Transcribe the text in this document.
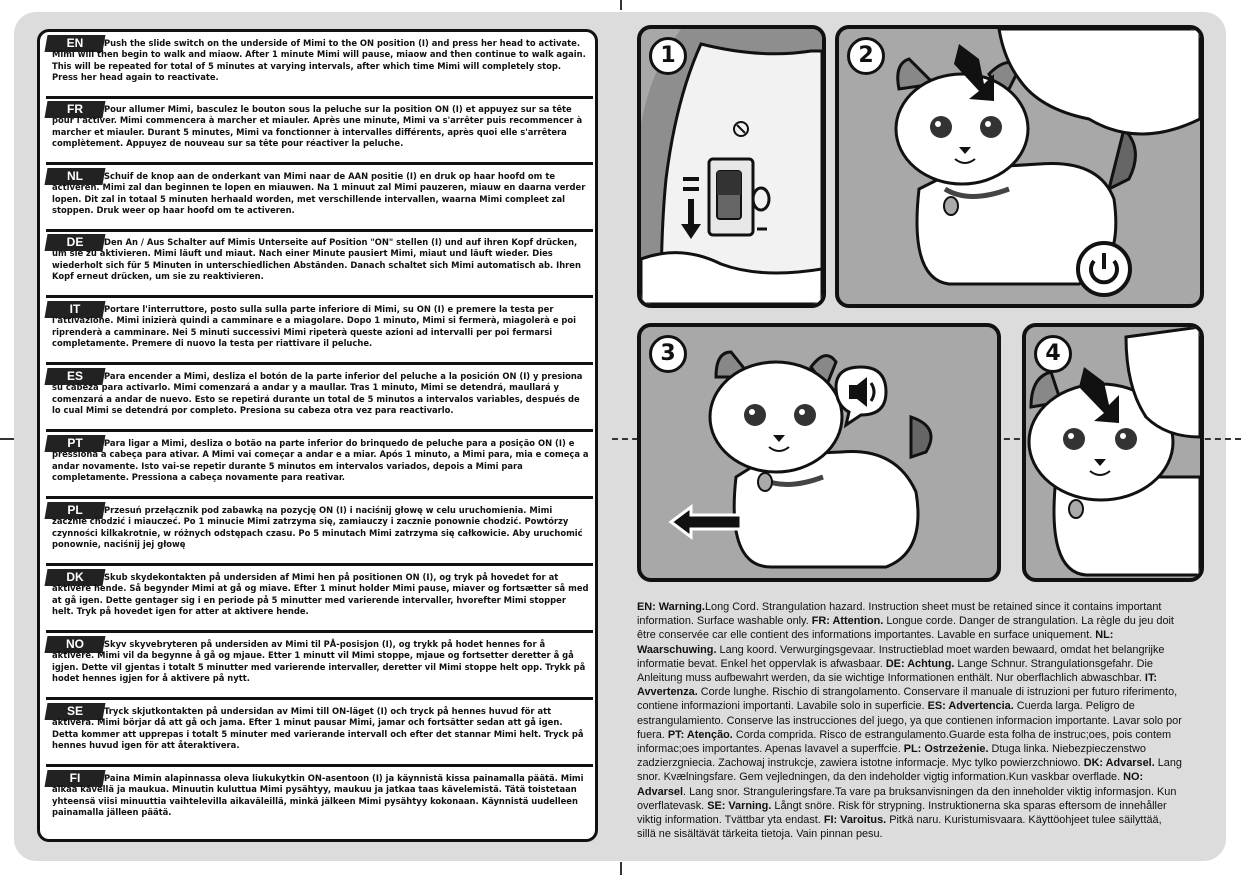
EN	Push the slide switch on the underside of Mimi to the ON position (I) and press her head to activate. Mimi will then begin to walk and miaow. After 1 minute Mimi will pause, miaow and then continue to walk again. This will be repeated for total of 5 minutes at varying intervals, after which time Mimi will completely stop. Press her head again to reactivate.

FR	Pour allumer Mimi, basculez le bouton sous la peluche sur la position ON (I) et appuyez sur sa tête pour l'activer. Mimi commencera à marcher et miauler. Après une minute, Mimi va s'arrêter puis recommencer à marcher et miauler. Durant 5 minutes, Mimi va fonctionner à intervalles différents, après quoi elle s'arrêtera complètement. Appuyez de nouveau sur sa tête pour réactiver la peluche.

NL	Schuif de knop aan de onderkant van Mimi naar de AAN positie (I) en druk op haar hoofd om te activeren. Mimi zal dan beginnen te lopen en miauwen. Na 1 minuut zal Mimi pauzeren, miauw en daarna verder lopen. Dit zal in totaal 5 minuten herhaald worden, met verschillende intervallen, waarna Mimi compleet zal stoppen. Druk weer op haar hoofd om te activeren.

DE	Den An / Aus Schalter auf Mimis Unterseite auf Position "ON" stellen (I) und auf ihren Kopf drücken, um sie zu aktivieren. Mimi läuft und miaut. Nach einer Minute pausiert Mimi, miaut und läuft wieder. Dies wiederholt sich für 5 Minuten in unterschiedlichen Abständen. Danach schaltet sich Mimi automatisch ab. Ihren Kopf erneut drücken, um sie zu reaktivieren.

IT	Portare l'interruttore, posto sulla sulla parte inferiore di Mimi, su ON (I) e premere la testa per l'attivazione. Mimi inizierà quindi a camminare e a miagolare. Dopo 1 minuto, Mimi si fermerà, miagolerà e poi riprenderà a camminare. Nei 5 minuti successivi Mimi ripeterà queste azioni ad intervalli per poi fermarsi completamente. Premere di nuovo la testa per riattivare il peluche.

ES	Para encender a Mimi, desliza el botón de la parte inferior del peluche a la posición ON (I) y presiona su cabeza para activarlo. Mimi comenzará a andar y a maullar. Tras 1 minuto, Mimi se detendrá, maullará y comenzará a andar de nuevo. Esto se repetirá durante un total de 5 minutos a intervalos variables, después de lo cual Mimi se detendrá por completo. Presiona su cabeza otra vez para reactivarlo.

PT	Para ligar a Mimi, desliza o botão na parte inferior do brinquedo de peluche para a posição ON (I) e pressiona a cabeça para ativar. A Mimi vai começar a andar e a miar. Após 1 minuto, a Mimi para, mia e começa a andar novamente. Isto vai-se repetir durante 5 minutos em intervalos variados, depois a Mimi para completamente. Pressiona a cabeça novamente para reativar.

PL	Przesuń przełącznik pod zabawką na pozycję ON (I) i naciśnij głowę w celu uruchomienia. Mimi zacznie chodzić i miauczeć. Po 1 minucie Mimi zatrzyma się, zamiauczy i zacznie ponownie chodzić. Powtórzy czynności kilkakrotnie, w różnych odstępach czasu. Po 5 minutach Mimi zatrzyma się całkowicie. Aby uruchomić ponownie, naciśnij jej głowę

DK	Skub skydekontakten på undersiden af Mimi hen på positionen ON (I), og tryk på hovedet for at aktivere hende. Så begynder Mimi at gå og miave. Efter 1 minut holder Mimi pause, miaver og fortsætter så med at gå igen. Dette gentager sig i en periode på 5 minutter med varierende intervaller, hvorefter Mimi stopper helt. Tryk på hovedet igen for atter at aktivere hende.

NO	Skyv skyvebryteren på undersiden av Mimi til PÅ-posisjon (I), og trykk på hodet hennes for å aktivere. Mimi vil da begynne å gå og mjaue. Etter 1 minutt vil Mimi stoppe, mjaue og fortsetter deretter å gå igjen. Dette vil gjentas i totalt 5 minutter med varierende intervaller, deretter vil Mimi stoppe helt opp. Trykk på hodet hennes igjen for å aktivere på nytt.

SE	Tryck skjutkontakten på undersidan av Mimi till ON-läget (I) och tryck på hennes huvud för att aktivera. Mimi börjar då att gå och jama. Efter 1 minut pausar Mimi, jamar och fortsätter sedan att gå igen. Detta kommer att upprepas i totalt 5 minuter med varierande intervall och efter det stannar Mimi helt. Tryck på hennes huvud igen för att återaktivera.

FI	Paina Mimin alapinnassa oleva liukukytkin ON-asentoon (I) ja käynnistä kissa painamalla päätä. Mimi alkaa kävellä ja maukua. Minuutin kuluttua Mimi pysähtyy, maukuu ja jatkaa taas kävelemistä. Tätä toistetaan yhteensä viisi minuuttia vaihtelevilla aikaväleillä, minkä jälkeen Mimi pysähtyy kokonaan. Käynnistä uudelleen painamalla jälleen päätä.

1	2
3	4

EN: Warning.Long Cord. Strangulation hazard. Instruction sheet must be retained since it contains important information. Surface washable only. FR: Attention. Longue corde. Danger de strangulation. La règle du jeu doit être conservée car elle contient des informations importantes. Lavable en surface uniquement. NL: Waarschuwing. Lang koord. Verwurgingsgevaar. Instructieblad moet warden bewaard, omdat het belangrijke informatie bevat. Enkel het oppervlak is afwasbaar. DE: Achtung. Lange Schnur. Strangulationsgefahr. Die Anleitung muss aufbewahrt werden, da sie wichtige Informationen enthält. Nur oberflachlich abwaschbar. IT: Avvertenza. Corde lunghe. Rischio di strangolamento. Conservare il manuale di istruzioni per futuro riferimento, contiene informazioni importanti. Lavabile solo in superficie. ES: Advertencia. Cuerda larga. Peligro de estrangulamiento. Conserve las instrucciones del juego, ya que contienen informacion importante. Lavar solo por fuera. PT: Atenção. Corda comprida. Risco de estrangulamento.Guarde esta folha de instruc;oes, pois contem informac;oes importantes. Apenas lavavel a superffcie. PL: Ostrzeżenie. Dtuga linka. Niebezpieczenstwo zadzierzgniecia. Zachowaj instrukcje, zawiera istotne informacje. Myc tylko powierzchniowo. DK: Advarsel. Lang snor. Kvælningsfare. Gem vejledningen, da den indeholder vigtig information.Kun vaskbar overflade. NO: Advarsel. Lang snor. Stranguleringsfare.Ta vare pa bruksanvisningen da den inneholder viktig informasjon. Kun overflatevask. SE: Varning. Långt snöre. Risk för strypning. Instruktionerna ska sparas eftersom de innehåller viktig information. Tvättbar yta endast. FI: Varoitus. Pitkä naru. Kuristumisvaara. Käyttöohjeet tulee säilyttää, sillä ne sisältävät tärkeita tietoja. Vain pinnan pesu.
